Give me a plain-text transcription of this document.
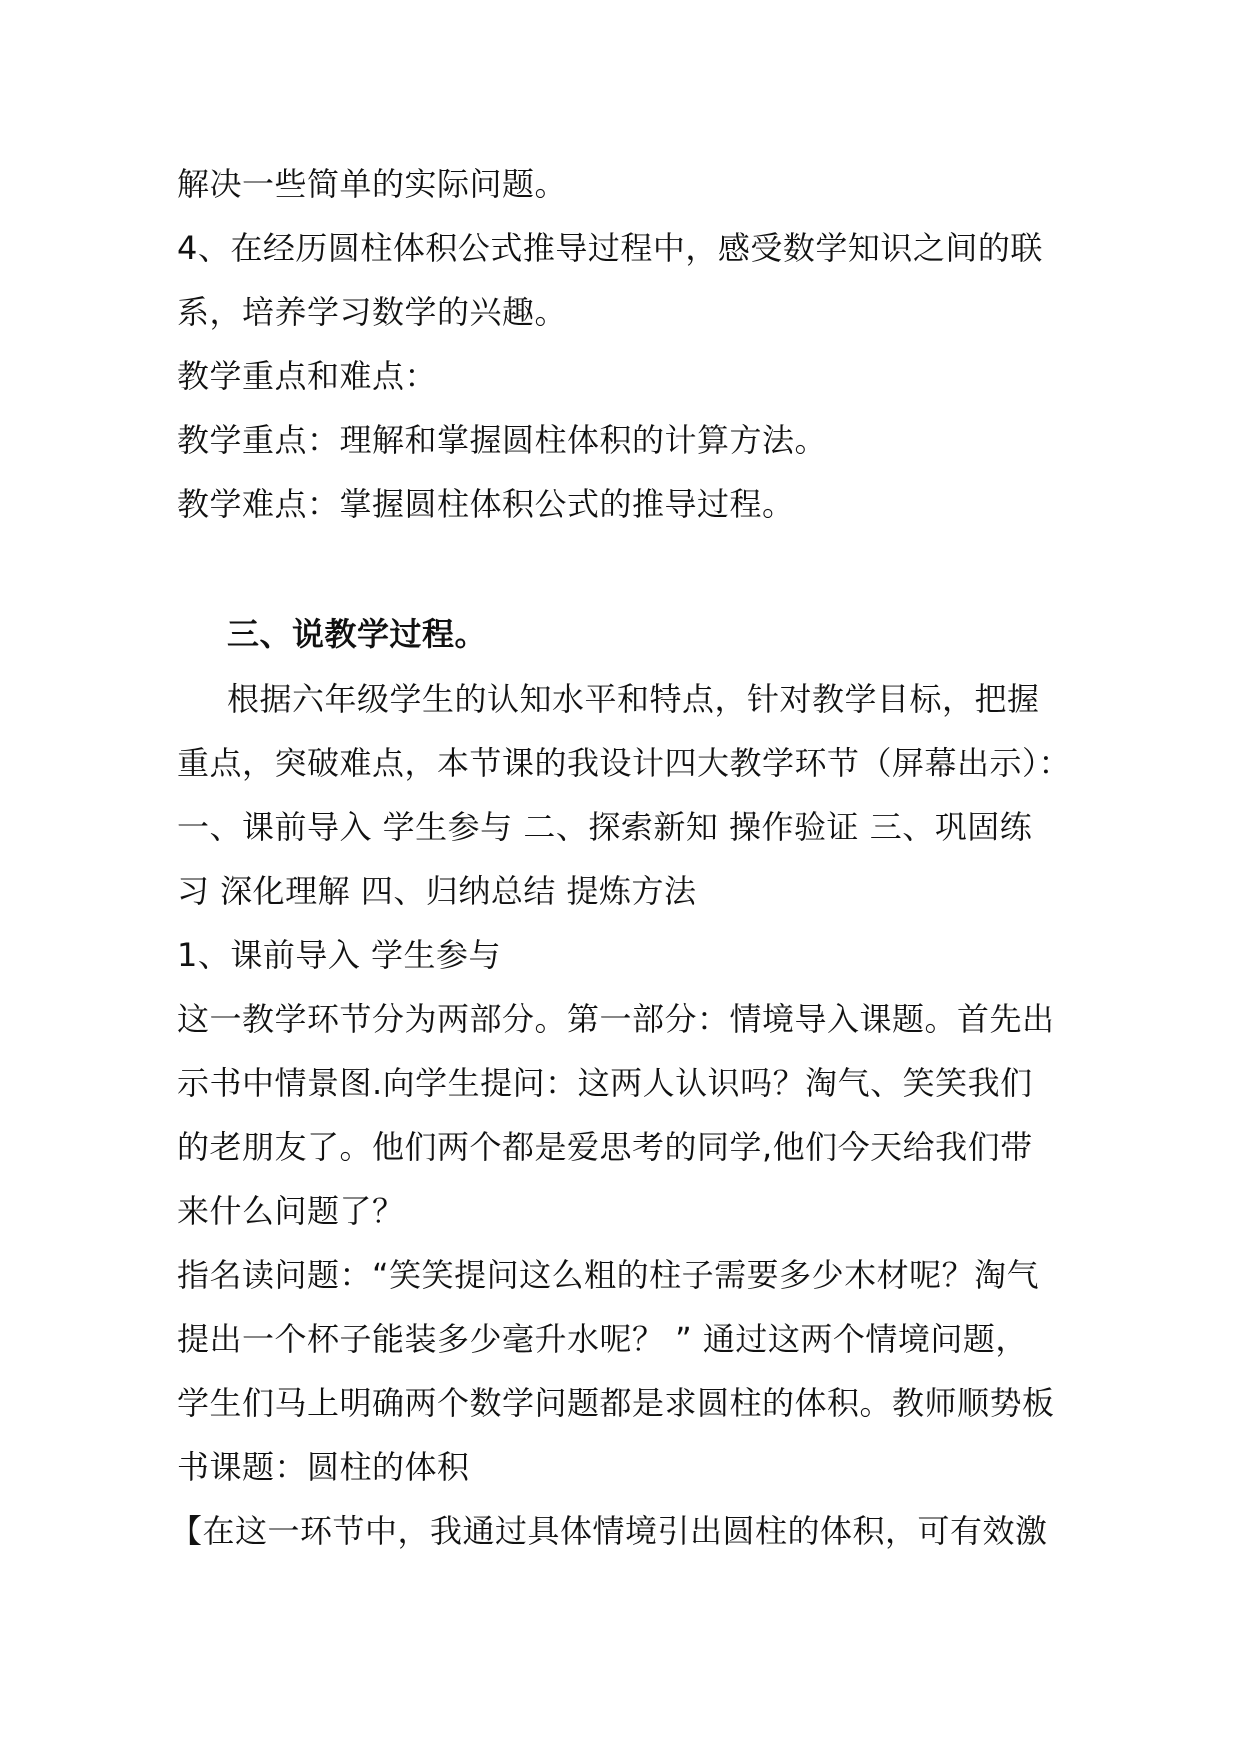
解决一些简单的实际问题。
4、在经历圆柱体积公式推导过程中，感受数学知识之间的联
系，培养学习数学的兴趣。
教学重点和难点：
教学重点：理解和掌握圆柱体积的计算方法。
教学难点：掌握圆柱体积公式的推导过程。
三、说教学过程。
根据六年级学生的认知水平和特点，针对教学目标，把握
重点，突破难点，本节课的我设计四大教学环节（屏幕出示）：
一、课前导入 学生参与 二、探索新知 操作验证 三、巩固练
习 深化理解 四、归纳总结 提炼方法
1、课前导入 学生参与
这一教学环节分为两部分。第一部分：情境导入课题。首先出
示书中情景图.向学生提问：这两人认识吗？淘气、笑笑我们
的老朋友了。他们两个都是爱思考的同学,他们今天给我们带
来什么问题了？
指名读问题：“笑笑提问这么粗的柱子需要多少木材呢？淘气
提出一个杯子能装多少毫升水呢？ ” 通过这两个情境问题，
学生们马上明确两个数学问题都是求圆柱的体积。教师顺势板
书课题：圆柱的体积
【在这一环节中，我通过具体情境引出圆柱的体积，可有效激
